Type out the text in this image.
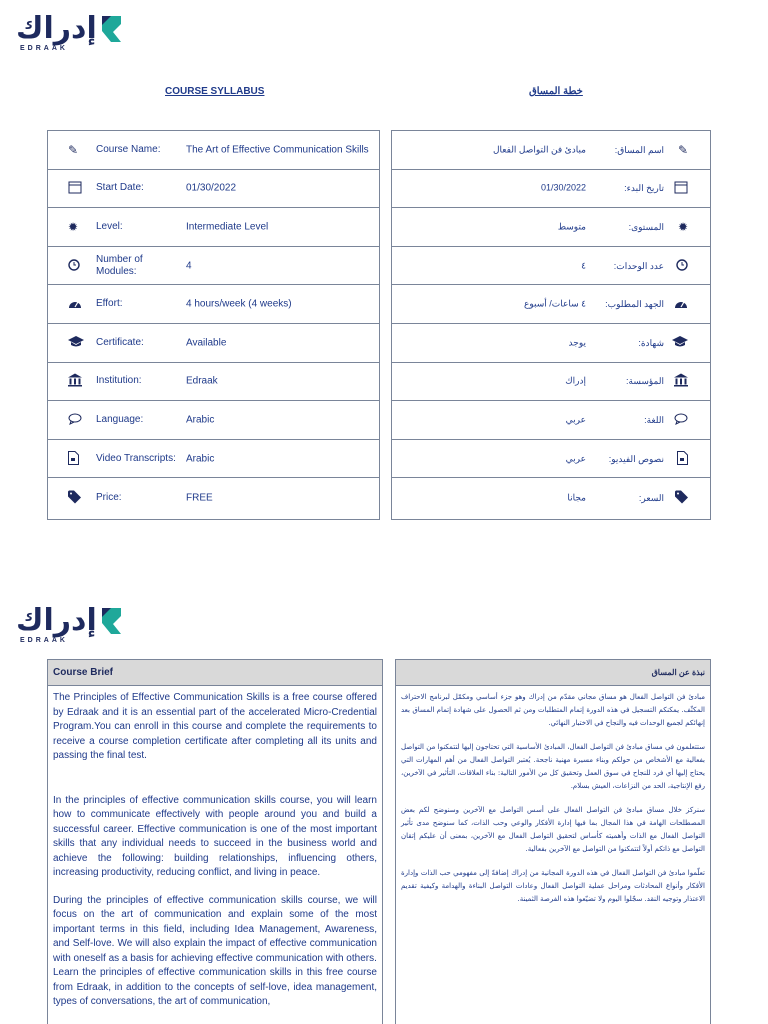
إدراك
EDRAAK
COURSE SYLLABUS	خطة المساق
✎ Course Name:	The Art of Effective Communication Skills
Start Date:	01/30/2022
✹ Level:	Intermediate Level
Number of Modules:	4
Effort:	4 hours/week (4 weeks)
Certificate:	Available
Institution:	Edraak
Language:	Arabic
Video Transcripts: Arabic
Price:	FREE
✎
اسم المساق:
مبادئ فن التواصل الفعال
تاريخ البدء:
01/30/2022
✹
المستوى:
متوسط
عدد الوحدات:
٤
الجهد المطلوب:
٤ ساعات/ أسبوع
شهادة:
يوجد
المؤسسة:
إدراك
اللغة:
عربي
نصوص الفيديو:
عربي
السعر:
مجانا
إدراك
EDRAAK
Course Brief

The Principles of Effective Communication Skills is a free course offered by Edraak and it is an essential part of the accelerated Micro-Credential Program.You can enroll in this course and complete the requirements to receive a course completion certificate after completing all its units and passing the final test.

In the principles of effective communication skills course, you will learn how to communicate effectively with people around you and build a successful career. Effective communication is one of the most important skills that any individual needs to succeed in the business world and achieve the following: building relationships, influencing others, increasing productivity, reducing conflict, and living in peace.

During the principles of effective communication skills course, we will focus on the art of communication and explain some of the most important terms in this field, including Idea Management, Awareness, and Self-love. We will also explain the impact of effective communication with oneself as a basis for achieving effective communication with others.

Learn the principles of effective communication skills in this free course from Edraak, in addition to the concepts of self-love, idea management, types of conversations, the art of communication,

نبذة عن المساق

مبادئ فن التواصل الفعال هو مساق مجاني مقدّم من إدراك وهو جزء أساسي ومكمّل لبرنامج الاحتراف المكثّف. يمكنكم التسجيل في هذه الدورة إتمام المتطلبات ومن ثم الحصول على شهادة إتمام المساق بعد إنهائكم لجميع الوحدات فيه والنجاح في الاختبار النهائي.

ستتعلمون في مساق مبادئ فن التواصل الفعال، المبادئ الأساسية التي تحتاجون إليها لتتمكنوا من التواصل بفعالية مع الأشخاص من حولكم وبناء مسيرة مهنية ناجحة. يُعتبر التواصل الفعال من أهم المهارات التي يحتاج إليها أي فرد للنجاح في سوق العمل وتحقيق كل من الأمور التالية: بناء العلاقات، التأثير في الآخرين، رفع الإنتاجية، الحد من النزاعات، العيش بسلام.

سنركز خلال مساق مبادئ فن التواصل الفعال على أسس التواصل مع الآخرين وسنوضح لكم بعض المصطلحات الهامة في هذا المجال بما فيها إدارة الأفكار والوعي وحب الذات، كما سنوضح مدى تأثير التواصل الفعال مع الذات وأهميته كأساس لتحقيق التواصل الفعال مع الآخرين، بمعنى أن عليكم إتقان التواصل مع ذاتكم أولاً لتتمكنوا من التواصل مع الآخرين بفعالية.

تعلّموا مبادئ فن التواصل الفعال في هذه الدورة المجانية من إدراك إضافةً إلى مفهومي حب الذات وإدارة الأفكار وأنواع المحادثات ومراحل عملية التواصل الفعال وعادات التواصل البناءة والهدامة وكيفية تقديم الاعتذار وتوجيه النقد. سجّلوا اليوم ولا تضيّعوا هذه الفرصة الثمينة.
